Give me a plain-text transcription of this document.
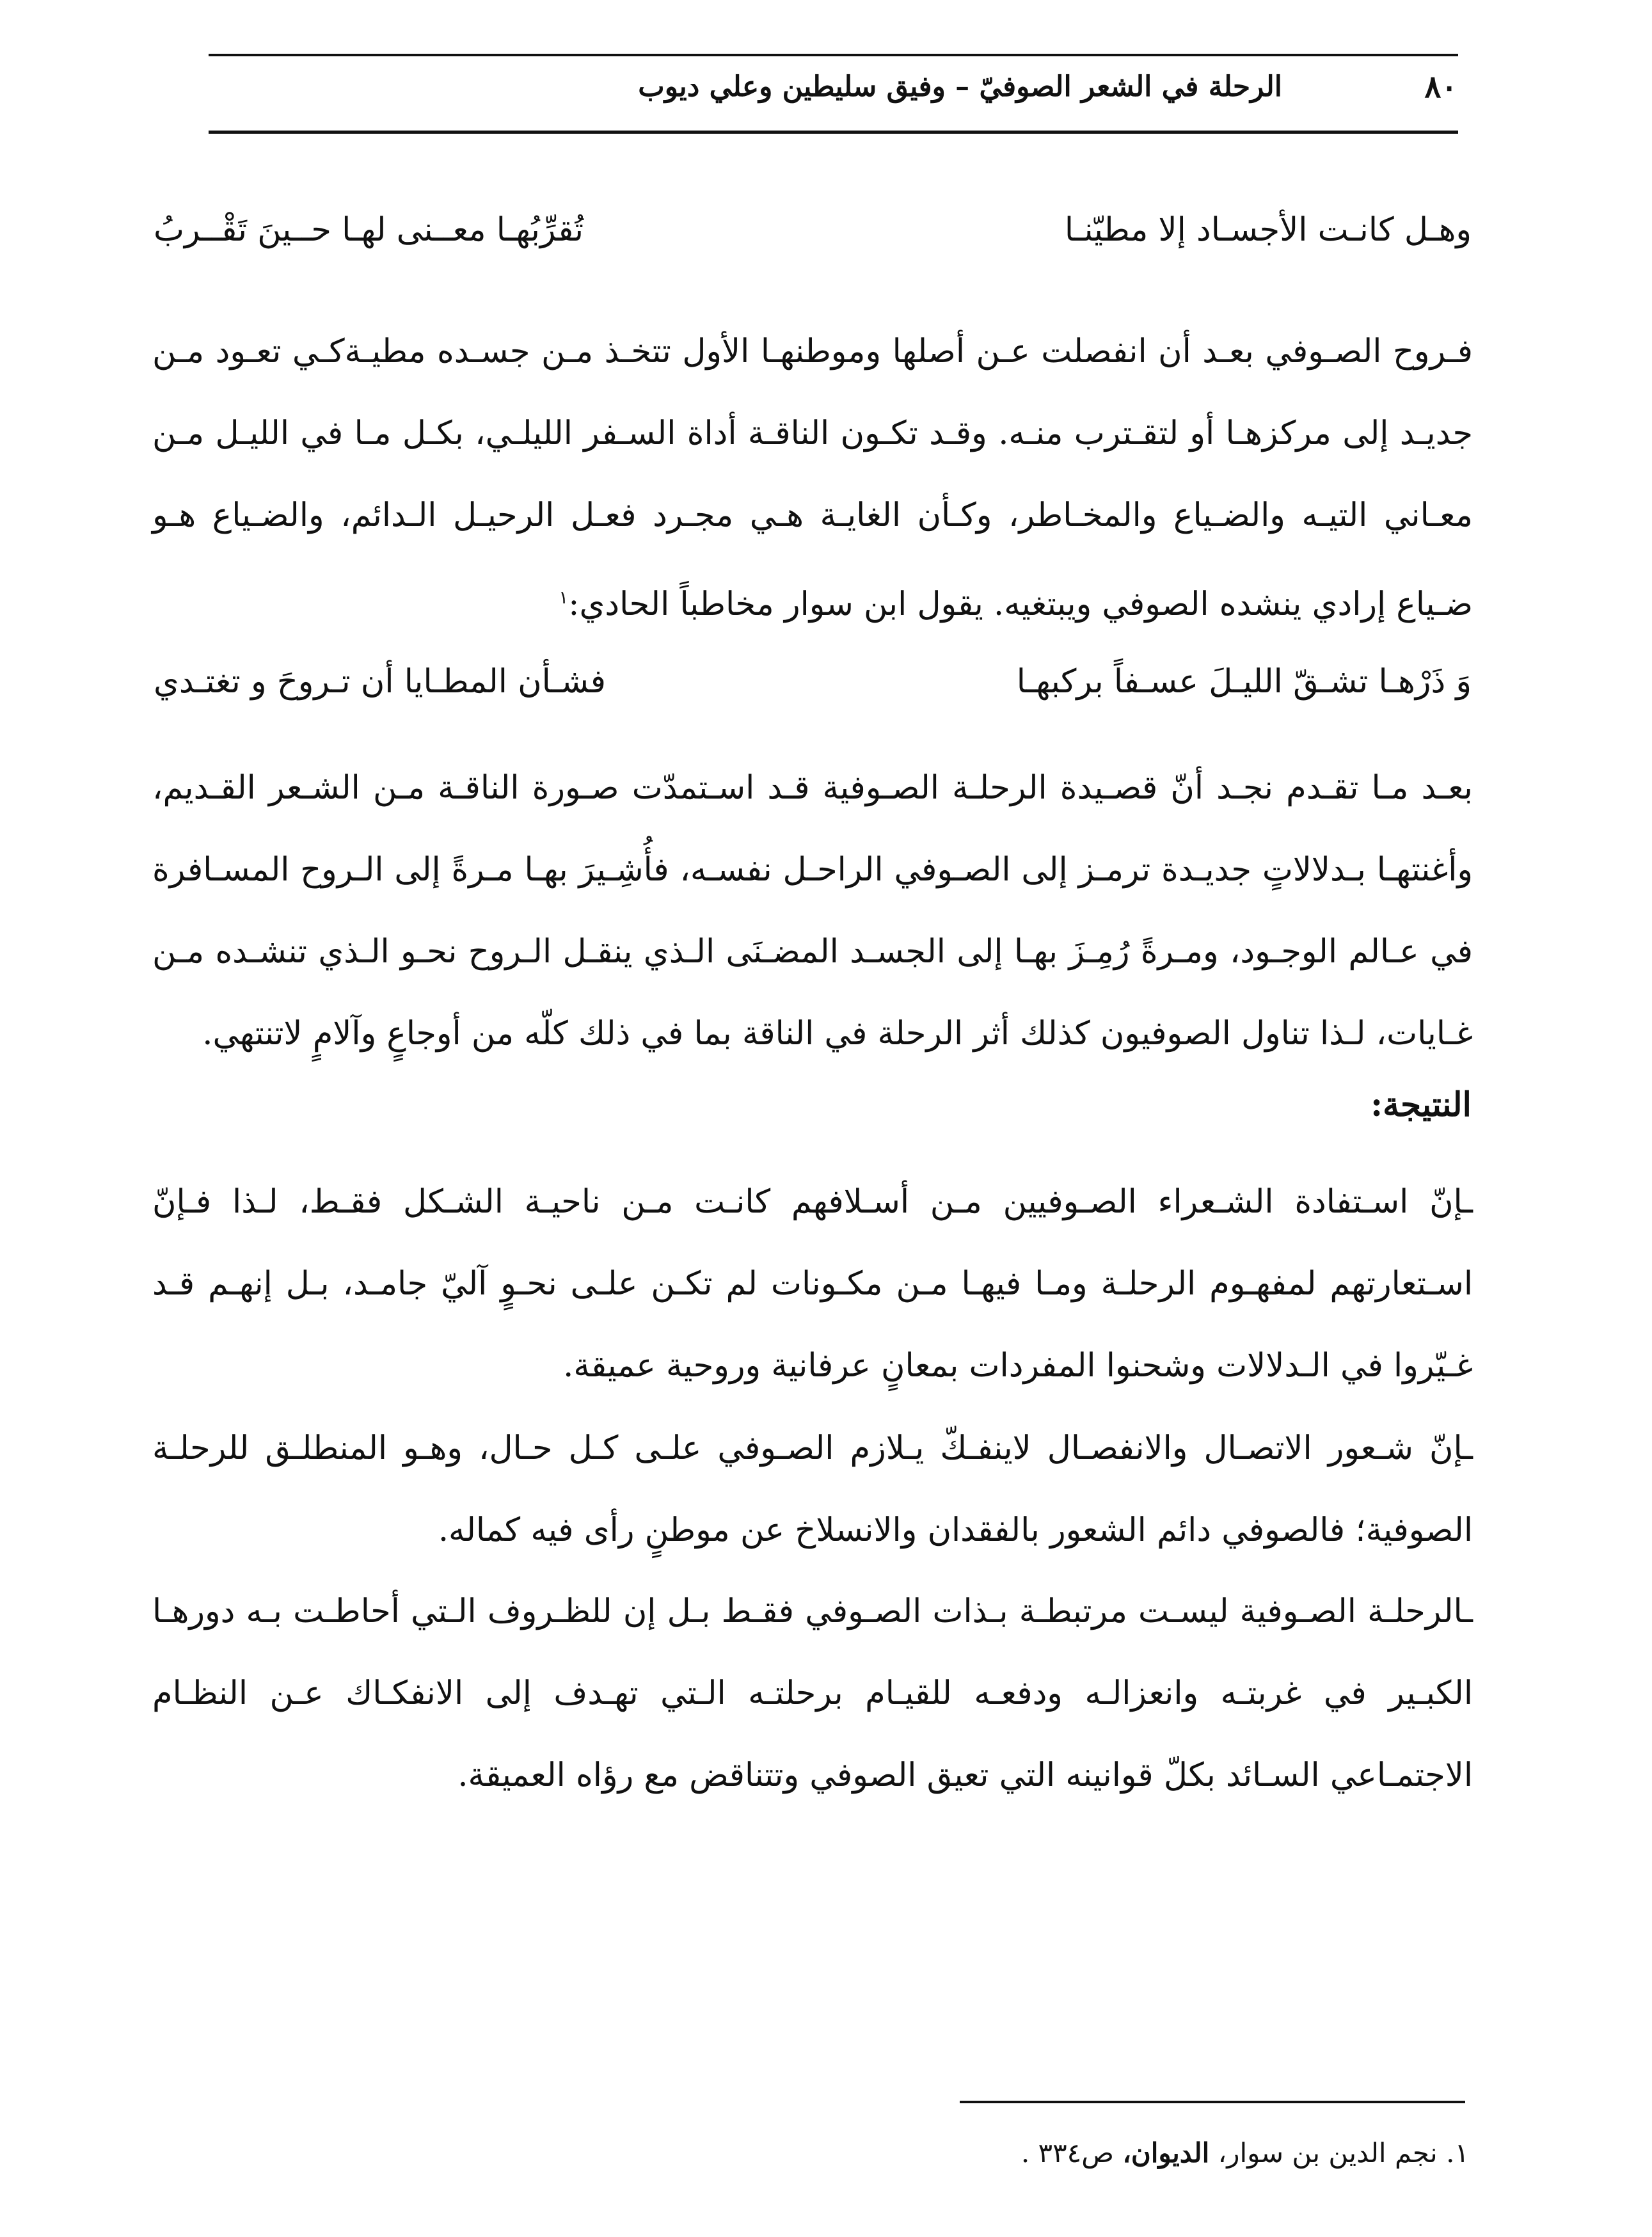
٨٠
الرحلة في الشعر الصوفيّ – وفيق سليطين وعلي ديوب
وهـل كانـت الأجسـاد إلا مطيّنـا
تُقرِّبُهـا معــنى لهـا حــينَ تَقْــربُ

فـروح الصـوفي بعـد أن انفصلت عـن أصلها وموطنهـا الأول تتخـذ مـن جسـده مطيـةكـي تعـود مـن جديـد إلى مركزهـا أو لتقـترب منـه. وقـد تكـون الناقـة أداة السـفر الليلـي، بكـل مـا في الليـل مـن معـاني التيـه والضـياع والمخـاطر، وكـأن الغايـة هـي مجـرد فعـل الرحيـل الـدائم، والضـياع هـو ضـياع إرادي ينشده الصوفي ويبتغيه. يقول ابن سوار مخاطباً الحادي:$^١$

وَ ذَرْهـا تشـقّ الليـلَ عسـفاً بركبهـا
فشـأن المطـايا أن تـروحَ و تغتـدي

بعـد مـا تقـدم نجـد أنّ قصـيدة الرحلـة الصـوفية قـد اسـتمدّت صـورة الناقـة مـن الشـعر القـديم، وأغنتهـا بـدلالاتٍ جديـدة ترمـز إلى الصـوفي الراحـل نفسـه، فأُشِـيرَ بهـا مـرةً إلى الـروح المسـافرة في عـالم الوجـود، ومـرةً رُمِـزَ بهـا إلى الجسـد المضـنَى الـذي ينقـل الـروح نحـو الـذي تنشـده مـن غـايات، لـذا تناول الصوفيون كذلك أثر الرحلة في الناقة بما في ذلك كلّه من أوجاعٍ وآلامٍ لاتنتهي.

النتيجة:

ـإنّ اسـتفادة الشـعراء الصـوفيين مـن أسـلافهم كانـت مـن ناحيـة الشـكل فقـط، لـذا فـإنّ اسـتعارتهم لمفهـوم الرحلـة ومـا فيهـا مـن مكـونات لم تكـن علـى نحـوٍ آليّ جامـد، بـل إنهـم قـد غـيّروا في الـدلالات وشحنوا المفردات بمعانٍ عرفانية وروحية عميقة.

ـإنّ شـعور الاتصـال والانفصـال لاينفـكّ يـلازم الصـوفي علـى كـل حـال، وهـو المنطلـق للرحلـة الصوفية؛ فالصوفي دائم الشعور بالفقدان والانسلاخ عن موطنٍ رأى فيه كماله.

ـالرحلـة الصـوفية ليسـت مرتبطـة بـذات الصـوفي فقـط بـل إن للظـروف الـتي أحاطـت بـه دورهـا الكبـير في غربتـه وانعزالـه ودفعـه للقيـام برحلتـه الـتي تهـدف إلى الانفكـاك عـن النظـام الاجتمـاعي السـائد بكلّ قوانينه التي تعيق الصوفي وتتناقض مع رؤاه العميقة.

١. نجم الدين بن سوار، الديوان، ص٣٣٤ .
